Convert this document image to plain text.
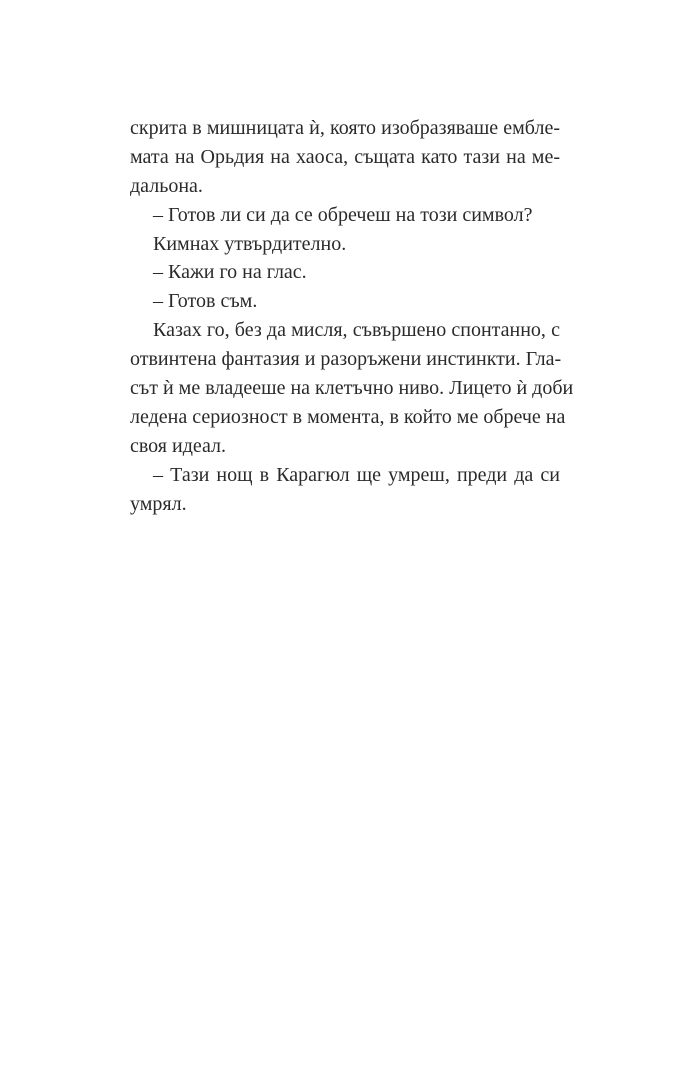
скрита в мишницата ѝ, която изобразяваше емблe-
мата на Орьдия на хаоса, същата като тази на ме-
дальона.
– Готов ли си да се обречеш на този символ?
Кимнах утвърдително.
– Кажи го на глас.
– Готов съм.
Казах го, без да мисля, съвършено спонтанно, с
отвинтена фантазия и разоръжени инстинкти. Гла-
сът ѝ ме владееше на клетъчно ниво. Лицето ѝ доби
ледена сериозност в момента, в който ме обрече на
своя идеал.
– Тази нощ в Карагюл ще умреш, преди да си
умрял.
